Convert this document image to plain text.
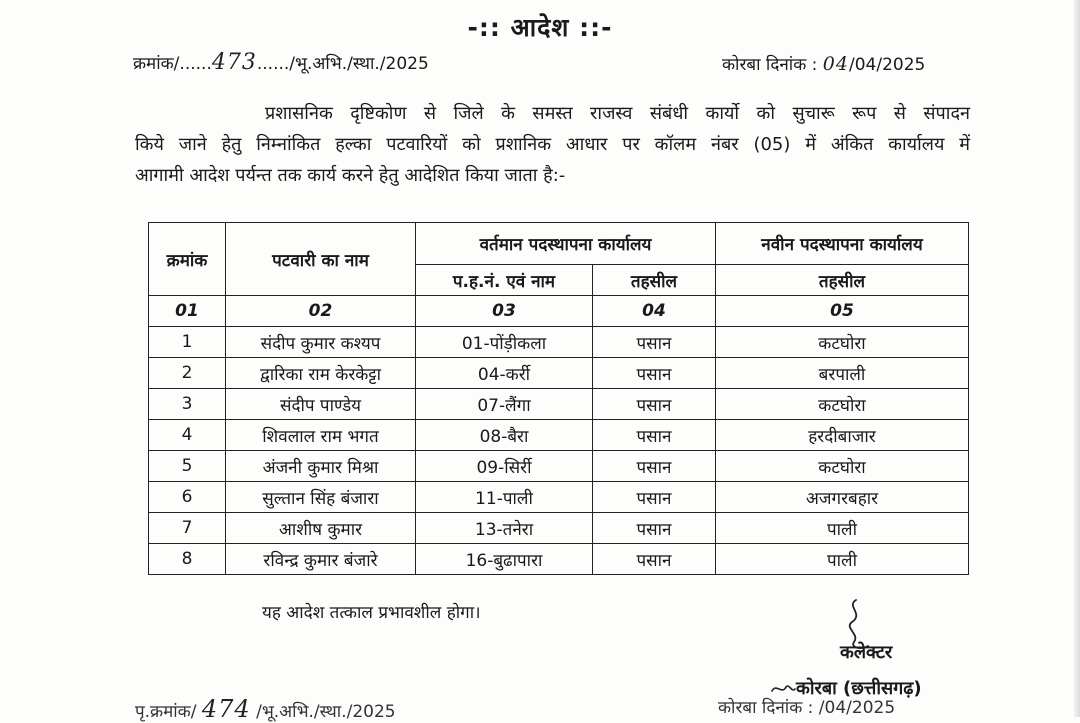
-:: आदेश ::-
क्रमांक/......473....../भू.अभि./स्था./2025	कोरबा दिनांक : 04/04/2025
प्रशासनिक दृष्टिकोण से जिले के समस्त राजस्व संबंधी कार्यो को सुचारू रूप से संपादन
किये जाने हेतु निम्नांकित हल्का पटवारियों को प्रशानिक आधार पर कॉलम नंबर (05) में अंकित कार्यालय में
आगामी आदेश पर्यन्त तक कार्य करने हेतु आदेशित किया जाता है:-
क्रमांक	पटवारी का नाम	वर्तमान पदस्थापना कार्यालय		नवीन पदस्थापना कार्यालय
		प.ह.नं. एवं नाम	तहसील	तहसील
01	02	03	04	05
1	संदीप कुमार कश्यप	01-पोंड़ीकला	पसान	कटघोरा
2	द्वारिका राम केरकेट्टा	04-कर्री	पसान	बरपाली
3	संदीप पाण्डेय	07-लैंगा	पसान	कटघोरा
4	शिवलाल राम भगत	08-बैरा	पसान	हरदीबाजार
5	अंजनी कुमार मिश्रा	09-सिर्री	पसान	कटघोरा
6	सुल्तान सिंह बंजारा	11-पाली	पसान	अजगरबहार
7	आशीष कुमार	13-तनेरा	पसान	पाली
8	रविन्द्र कुमार बंजारे	16-बुढापारा	पसान	पाली
यह आदेश तत्काल प्रभावशील होगा।
कलेक्टर
कोरबा (छत्तीसगढ़)
पृ.क्रमांक/ 474 /भू.अभि./स्था./2025	कोरबा दिनांक : /04/2025
